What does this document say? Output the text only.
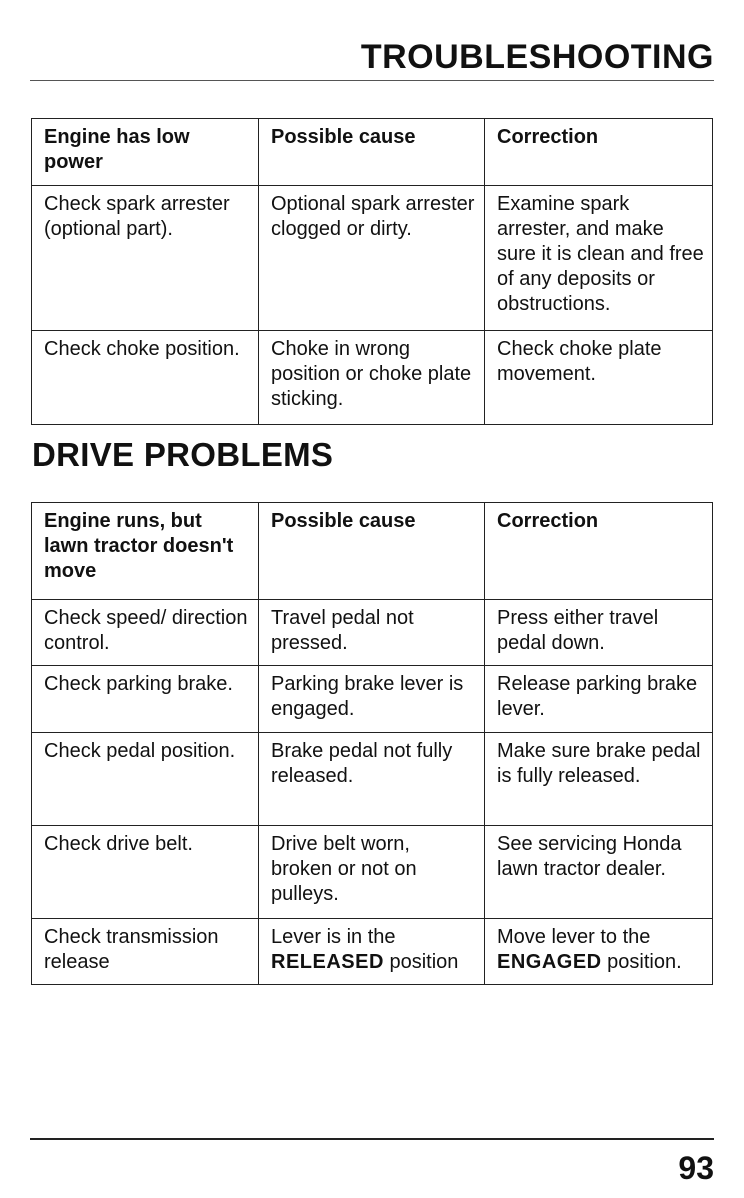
TROUBLESHOOTING
Engine has low power	Possible cause	Correction
Check spark arrester (optional part).	Optional spark arrester clogged or dirty.	Examine spark arrester, and make sure it is clean and free of any deposits or obstructions.
Check choke position.	Choke in wrong position or choke plate sticking.	Check choke plate movement.
DRIVE PROBLEMS
Engine runs, but lawn tractor doesn't move	Possible cause	Correction
Check speed/ direction control.	Travel pedal not pressed.	Press either travel pedal down.
Check parking brake.	Parking brake lever is engaged.	Release parking brake lever.
Check pedal position.	Brake pedal not fully released.	Make sure brake pedal is fully released.
Check drive belt.	Drive belt worn, broken or not on pulleys.	See servicing Honda lawn tractor dealer.
Check transmission release	Lever is in the RELEASED position	Move lever to the ENGAGED position.
93
